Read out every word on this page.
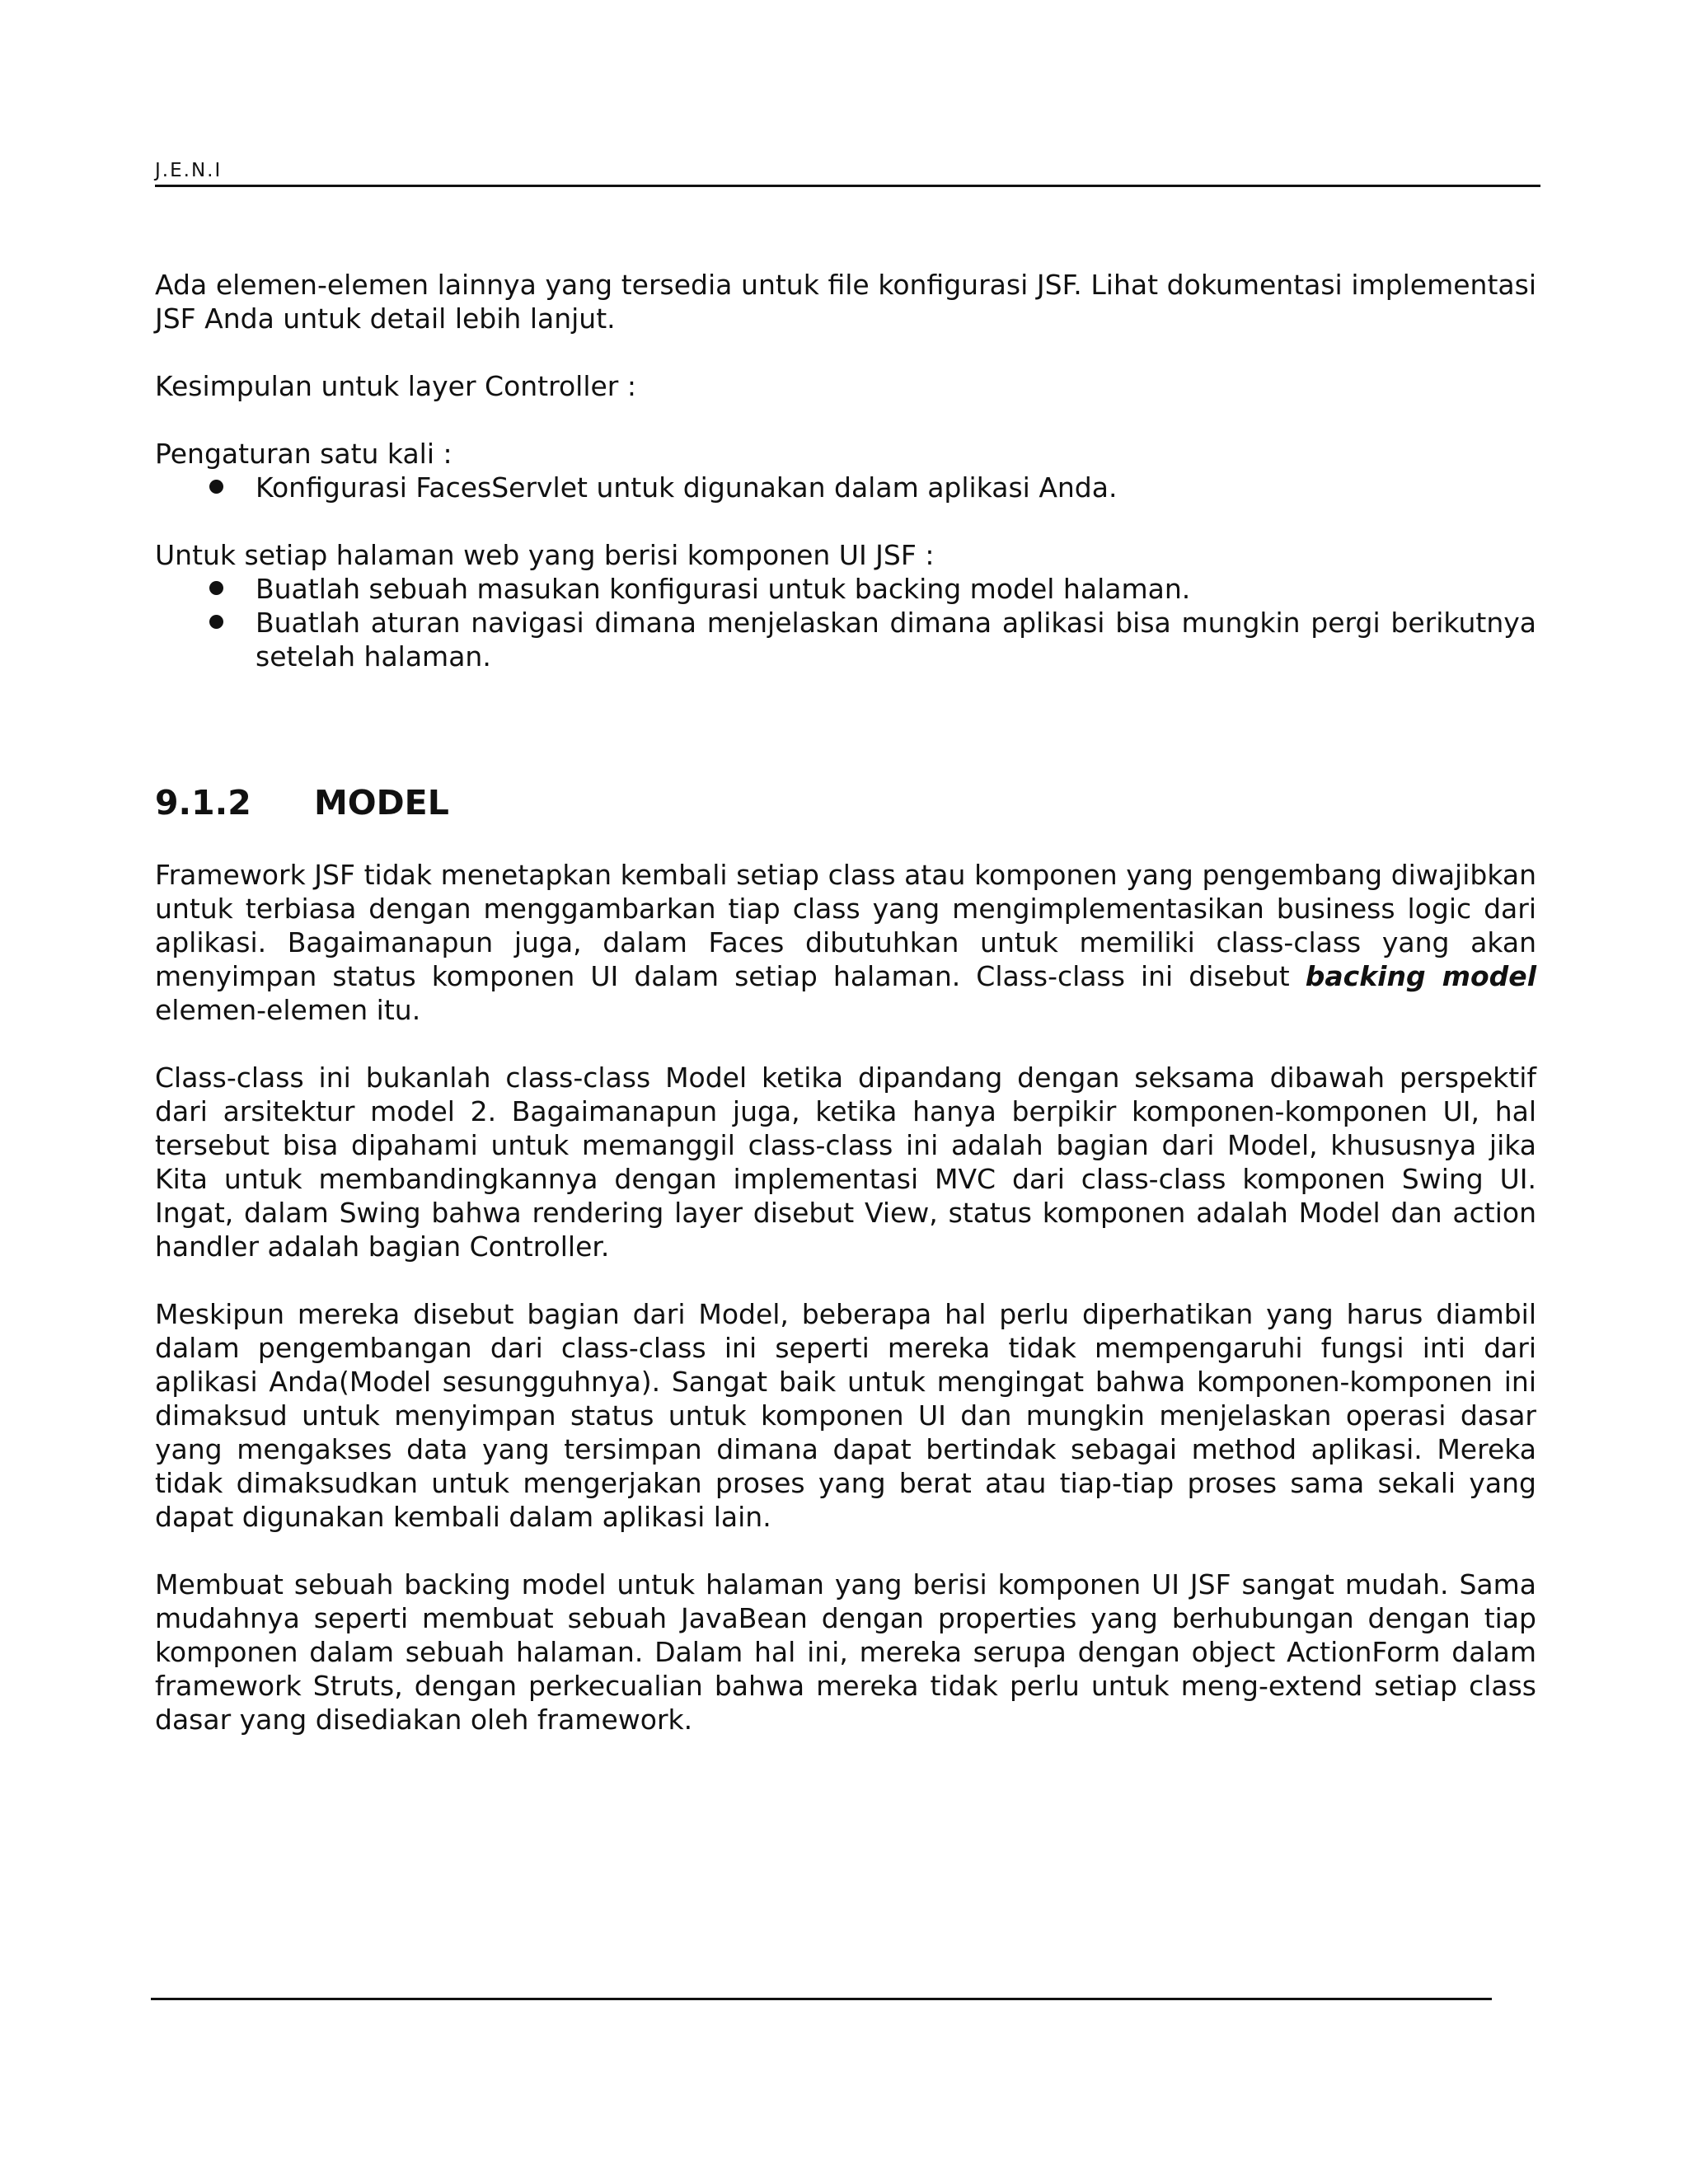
J.E.N.I

Ada elemen-elemen lainnya yang tersedia untuk file konfigurasi JSF. Lihat dokumentasi implementasi JSF Anda untuk detail lebih lanjut.

Kesimpulan untuk layer Controller :

Pengaturan satu kali :

Konfigurasi FacesServlet untuk digunakan dalam aplikasi Anda.

Untuk setiap halaman web yang berisi komponen UI JSF :

Buatlah sebuah masukan konfigurasi untuk backing model halaman.
Buatlah aturan navigasi dimana menjelaskan dimana aplikasi bisa mungkin pergi berikutnya setelah halaman.
9.1.2 MODEL

Framework JSF tidak menetapkan kembali setiap class atau komponen yang pengembang diwajibkan untuk terbiasa dengan menggambarkan tiap class yang mengimplementasikan business logic dari aplikasi. Bagaimanapun juga, dalam Faces dibutuhkan untuk memiliki class-class yang akan menyimpan status komponen UI dalam setiap halaman. Class-class ini disebut backing model elemen-elemen itu.

Class-class ini bukanlah class-class Model ketika dipandang dengan seksama dibawah perspektif dari arsitektur model 2. Bagaimanapun juga, ketika hanya berpikir komponen-komponen UI, hal tersebut bisa dipahami untuk memanggil class-class ini adalah bagian dari Model, khususnya jika Kita untuk membandingkannya dengan implementasi MVC dari class-class komponen Swing UI. Ingat, dalam Swing bahwa rendering layer disebut View, status komponen adalah Model dan action handler adalah bagian Controller.

Meskipun mereka disebut bagian dari Model, beberapa hal perlu diperhatikan yang harus diambil dalam pengembangan dari class-class ini seperti mereka tidak mempengaruhi fungsi inti dari aplikasi Anda(Model sesungguhnya). Sangat baik untuk mengingat bahwa komponen-komponen ini dimaksud untuk menyimpan status untuk komponen UI dan mungkin menjelaskan operasi dasar yang mengakses data yang tersimpan dimana dapat bertindak sebagai method aplikasi. Mereka tidak dimaksudkan untuk mengerjakan proses yang berat atau tiap-tiap proses sama sekali yang dapat digunakan kembali dalam aplikasi lain.

Membuat sebuah backing model untuk halaman yang berisi komponen UI JSF sangat mudah. Sama mudahnya seperti membuat sebuah JavaBean dengan properties yang berhubungan dengan tiap komponen dalam sebuah halaman. Dalam hal ini, mereka serupa dengan object ActionForm dalam framework Struts, dengan perkecualian bahwa mereka tidak perlu untuk meng-extend setiap class dasar yang disediakan oleh framework.
